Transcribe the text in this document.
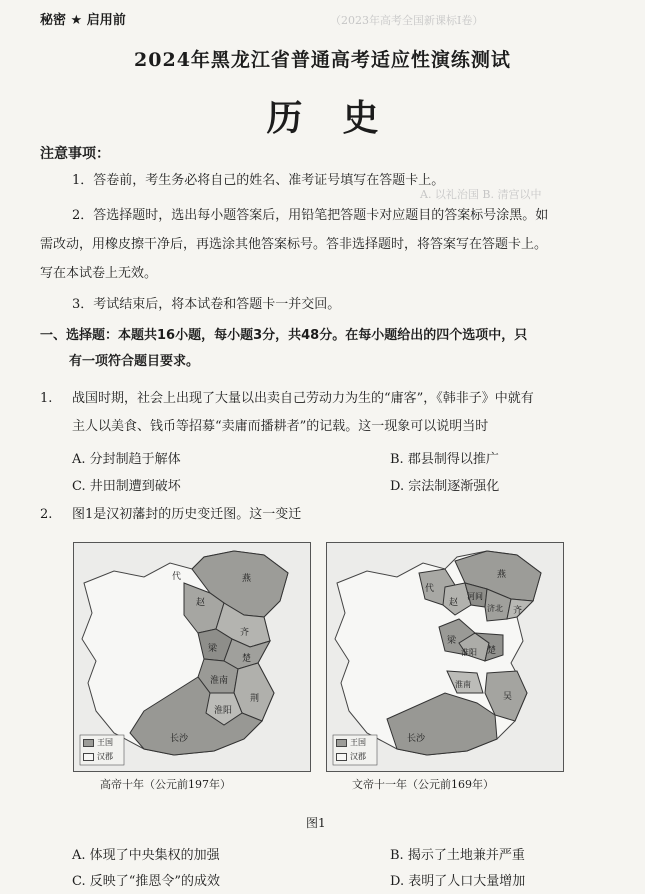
（2023年高考全国新课标I卷）
A. 以礼治国 B. 清宫以中
秘密 ★ 启用前
2024年黑龙江省普通高考适应性演练测试
历史
注意事项：
1．答卷前，考生务必将自己的姓名、准考证号填写在答题卡上。
2．答选择题时，选出每小题答案后，用铅笔把答题卡对应题目的答案标号涂黑。如
需改动，用橡皮擦干净后，再选涂其他答案标号。答非选择题时，将答案写在答题卡上。
写在本试卷上无效。
3．考试结束后，将本试卷和答题卡一并交回。
一、选择题：本题共16小题，每小题3分，共48分。在每小题给出的四个选项中，只
有一项符合题目要求。
1. 战国时期，社会上出现了大量以出卖自己劳动力为生的“庸客”，《韩非子》中就有
主人以美食、钱币等招募“卖庸而播耕者”的记载。这一现象可以说明当时
A. 分封制趋于解体	B. 郡县制得以推广
C. 井田制遭到破坏	D. 宗法制逐渐强化
2. 图1是汉初藩封的历史变迁图。这一变迁
王国
汉郡
燕
赵
代
齐
梁
楚
淮南
荆
长沙
淮阳
高帝十年（公元前197年）
王国
汉郡
燕
代
赵
河间
济北 齐
梁
淮阳 楚
吴
长沙
淮南
文帝十一年（公元前169年）
图1
A. 体现了中央集权的加强	B. 揭示了土地兼并严重
C. 反映了“推恩令”的成效	D. 表明了人口大量增加
